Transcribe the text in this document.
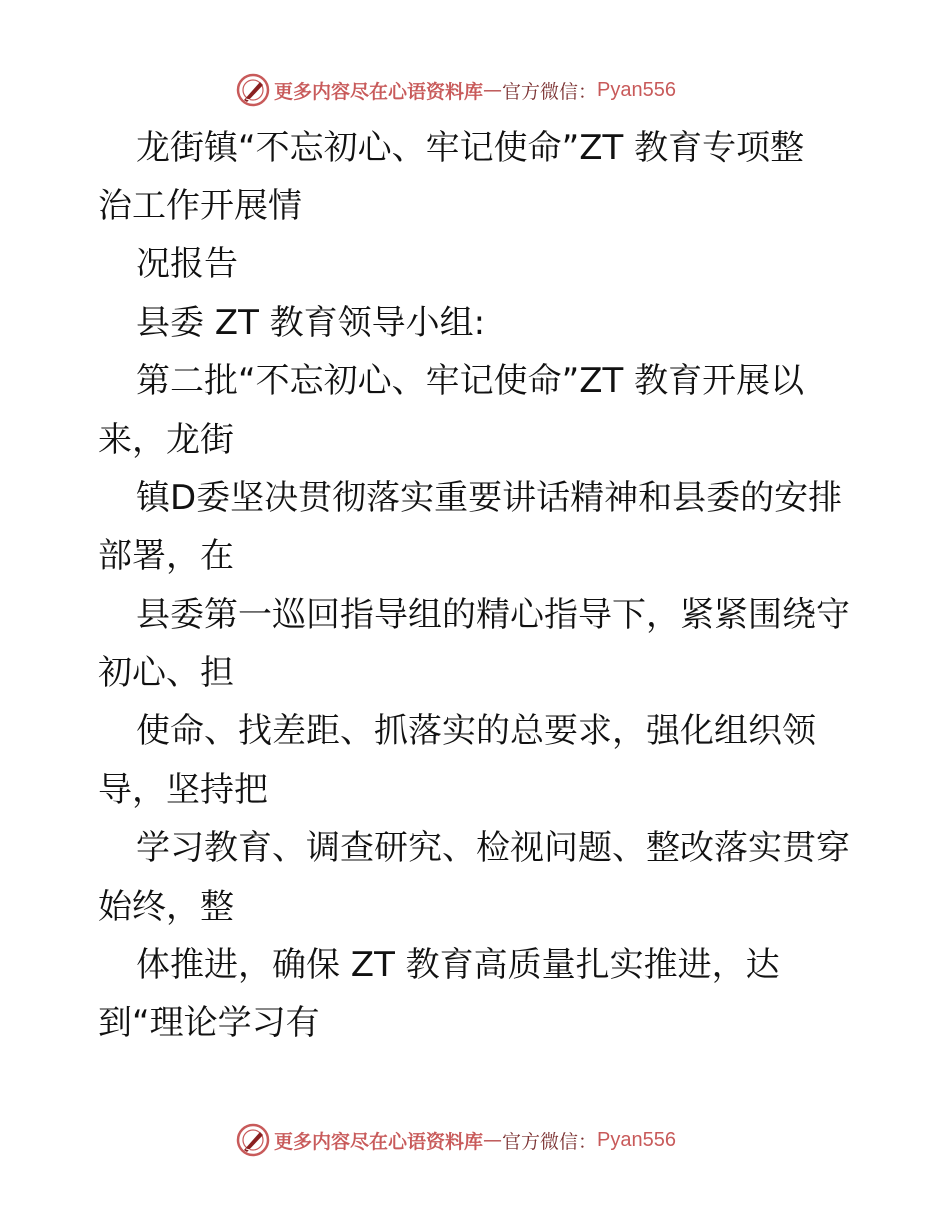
更多内容尽在心语资料库 — 官方微信： Pyan556
龙街镇“不忘初心、牢记使命”ZT 教育专项整
治工作开展情
况报告
县委 ZT 教育领导小组:
第二批“不忘初心、牢记使命”ZT 教育开展以
来，龙街
镇D委坚决贯彻落实重要讲话精神和县委的安排
部署，在
县委第一巡回指导组的精心指导下，紧紧围绕守
初心、担
使命、找差距、抓落实的总要求，强化组织领
导，坚持把
学习教育、调查研究、检视问题、整改落实贯穿
始终，整
体推进，确保 ZT 教育高质量扎实推进，达
到“理论学习有
更多内容尽在心语资料库 — 官方微信： Pyan556
